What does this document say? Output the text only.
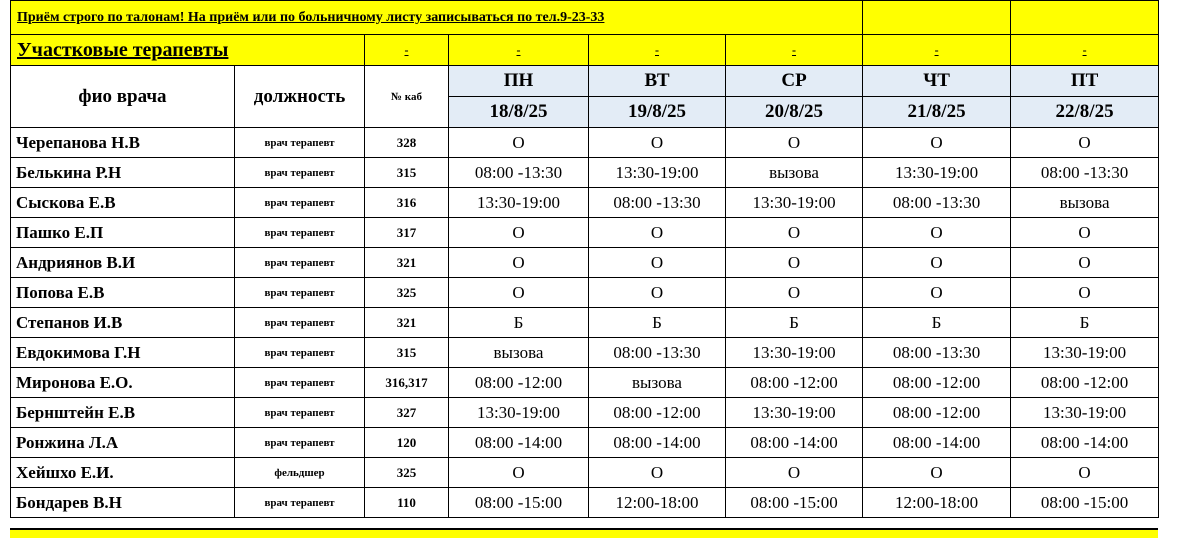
Приём строго по талонам! На приём или по больничному листу записываться по тел.9-23-33							
Участковые терапевты		-	-	-	-	-	-
фио врача	должность	№ каб	ПН	ВТ	СР	ЧТ	ПТ
			18/8/25	19/8/25	20/8/25	21/8/25	22/8/25
Черепанова Н.В	врач терапевт	328	О	О	О	О	О
Белькина Р.Н	врач терапевт	315	08:00 -13:30	13:30-19:00	вызова	13:30-19:00	08:00 -13:30
Сыскова Е.В	врач терапевт	316	13:30-19:00	08:00 -13:30	13:30-19:00	08:00 -13:30	вызова
Пашко Е.П	врач терапевт	317	О	О	О	О	О
Андриянов В.И	врач терапевт	321	О	О	О	О	О
Попова Е.В	врач терапевт	325	О	О	О	О	О
Степанов И.В	врач терапевт	321	Б	Б	Б	Б	Б
Евдокимова Г.Н	врач терапевт	315	вызова	08:00 -13:30	13:30-19:00	08:00 -13:30	13:30-19:00
Миронова Е.О.	врач терапевт	316,317	08:00 -12:00	вызова	08:00 -12:00	08:00 -12:00	08:00 -12:00
Бернштейн Е.В	врач терапевт	327	13:30-19:00	08:00 -12:00	13:30-19:00	08:00 -12:00	13:30-19:00
Ронжина Л.А	врач терапевт	120	08:00 -14:00	08:00 -14:00	08:00 -14:00	08:00 -14:00	08:00 -14:00
Хейшхо Е.И.	фельдшер	325	О	О	О	О	О
Бондарев В.Н	врач терапевт	110	08:00 -15:00	12:00-18:00	08:00 -15:00	12:00-18:00	08:00 -15:00
